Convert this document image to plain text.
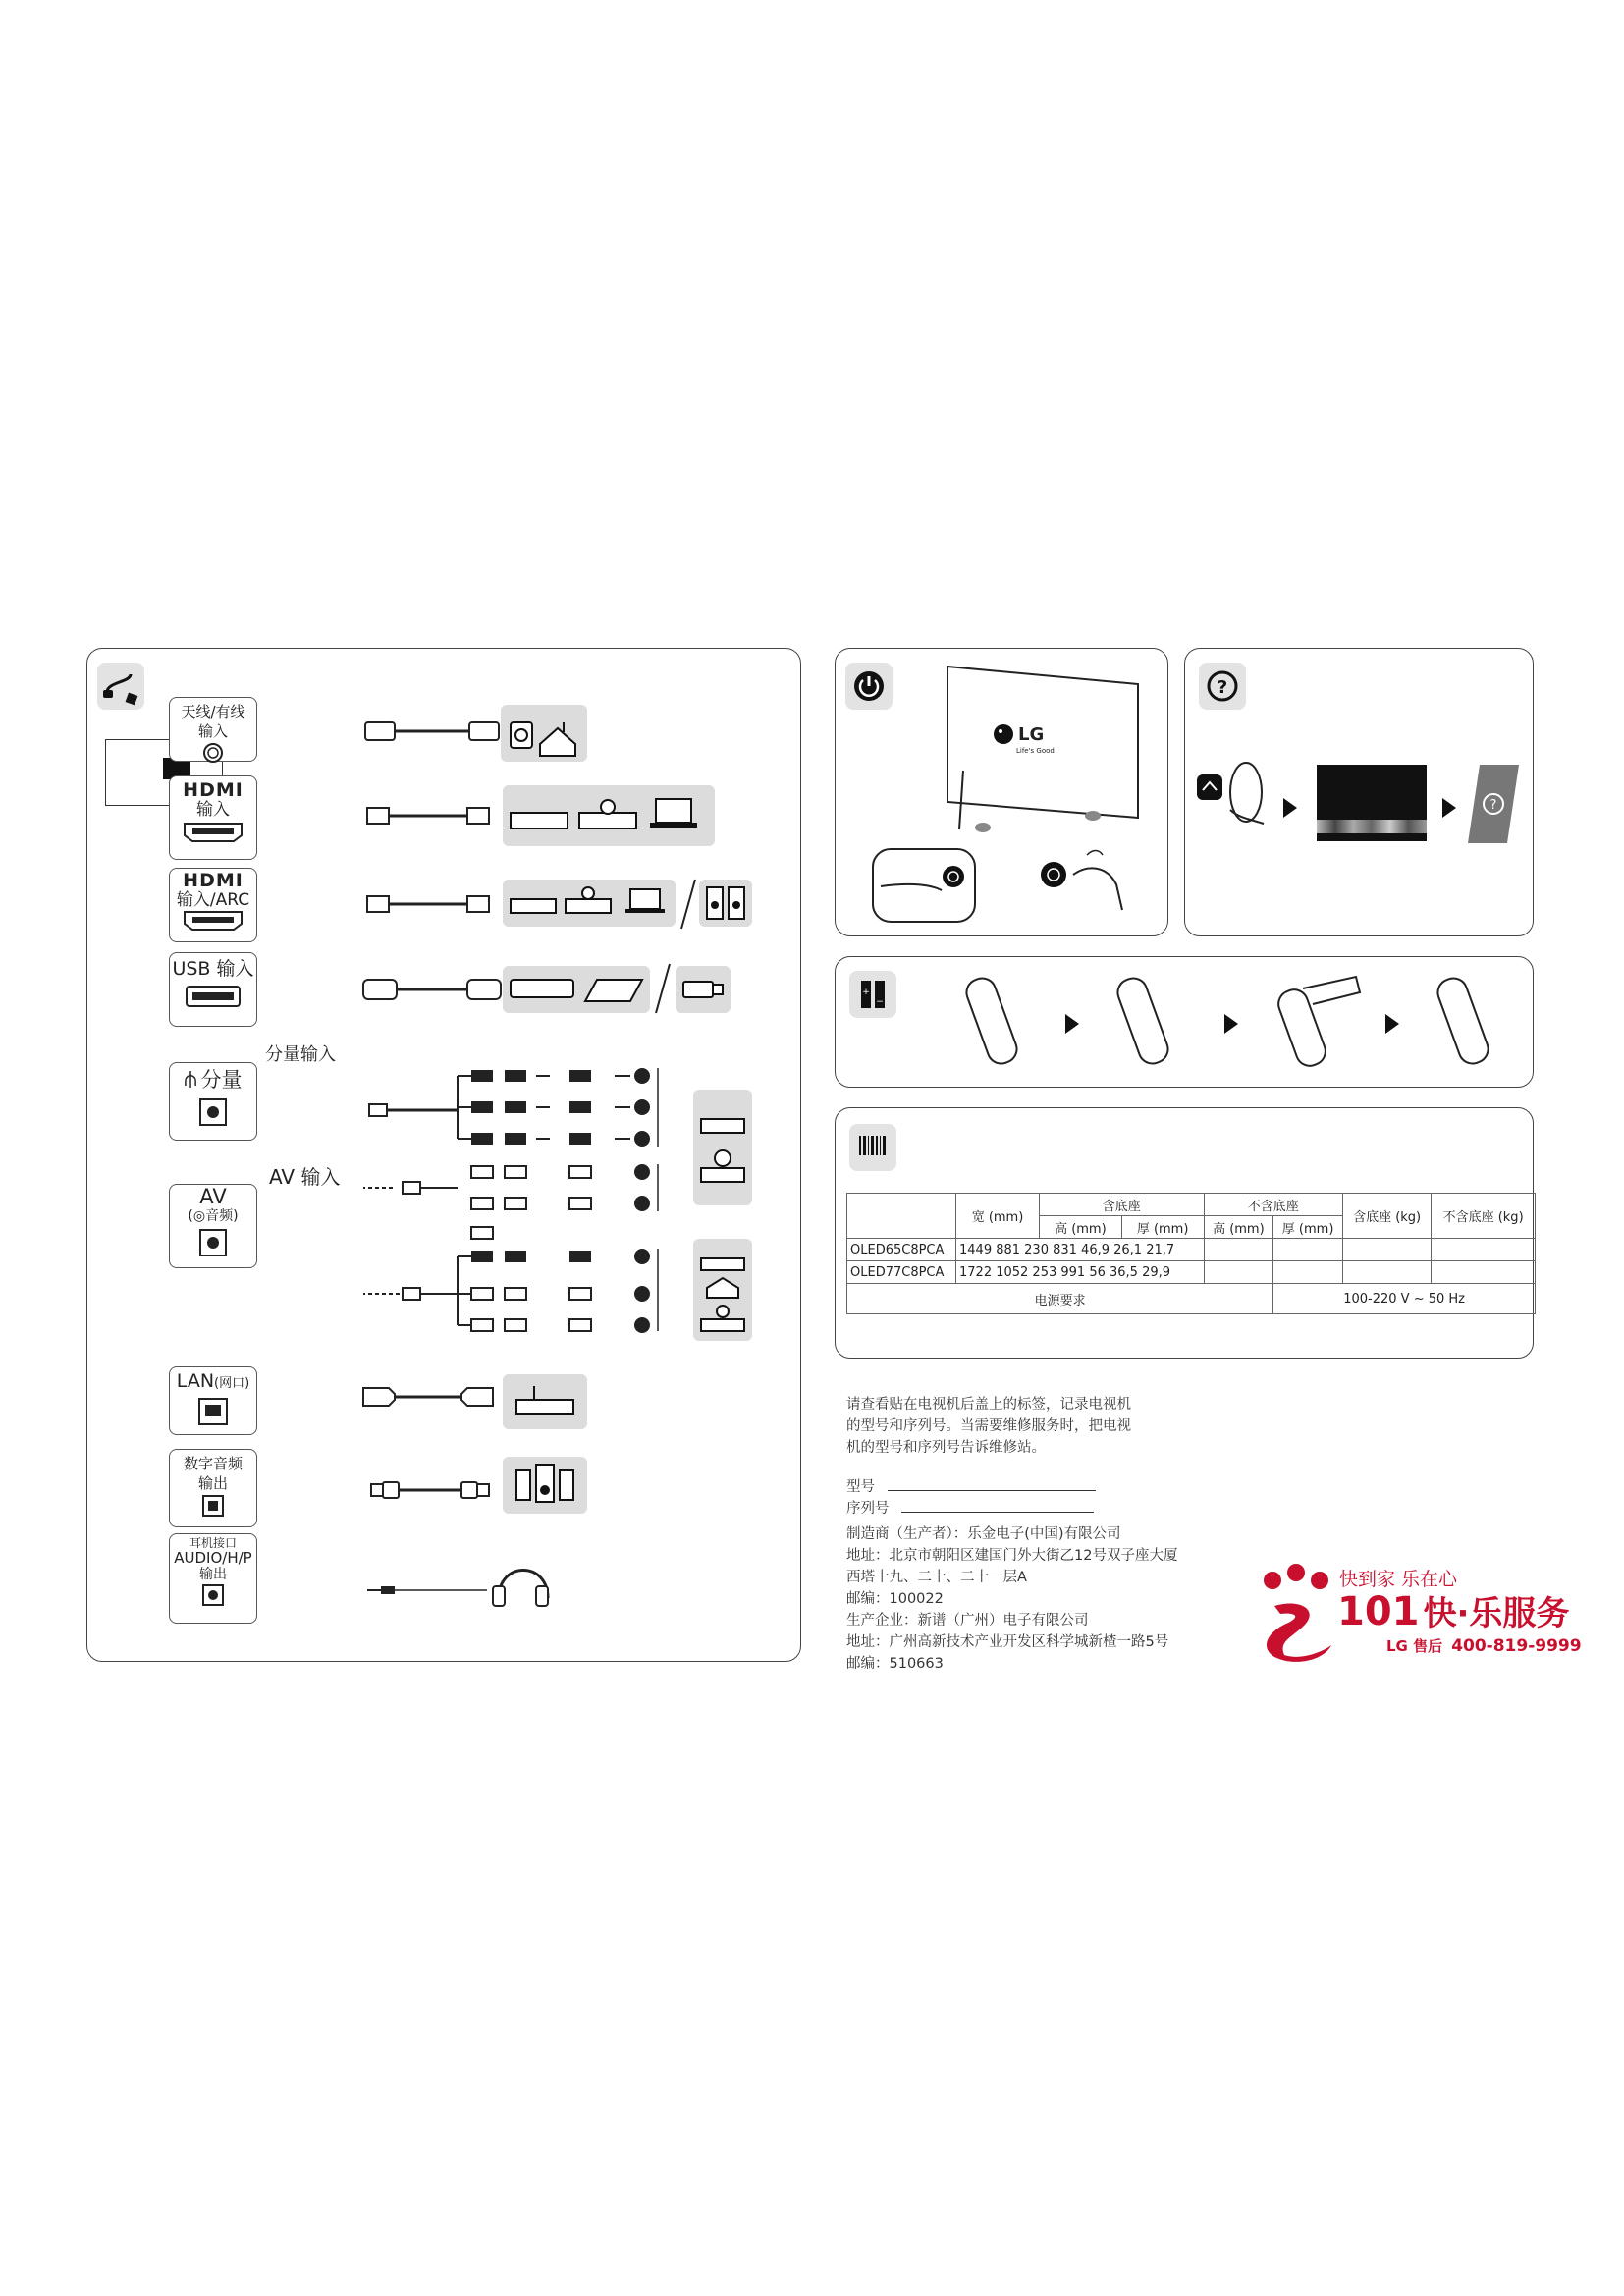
天线/有线
输入
HDMI
输入
HDMI
输入/ARC
USB 输入
分量输入
⫛ 分量
AV 输入
AV
(◎音频)
LAN(网口)
数字音频
输出
耳机接口
AUDIO/H/P
输出
LG
Life's Good
?
?
+
−
	宽 (mm)	含底座		不含底座		含底座 (kg)	不含底座 (kg)
		高 (mm)	厚 (mm)	高 (mm)	厚 (mm)		
OLED65C8PCA	1449 881 230 831 46,9 26,1 21,7						
OLED77C8PCA	1722 1052 253 991 56 36,5 29,9						
电源要求					100-220 V ~ 50 Hz		
请查看贴在电视机后盖上的标签，记录电视机
的型号和序列号。当需要维修服务时，把电视
机的型号和序列号告诉维修站。
型号
序列号
制造商（生产者）：乐金电子(中国)有限公司
地址：北京市朝阳区建国门外大街乙12号双子座大厦
西塔十九、二十、二十一层A
邮编：100022
生产企业：新谱（广州）电子有限公司
地址：广州高新技术产业开发区科学城新楂一路5号
邮编：510663
快到家 乐在心
101 快·乐服务
LG 售后 400-819-9999
